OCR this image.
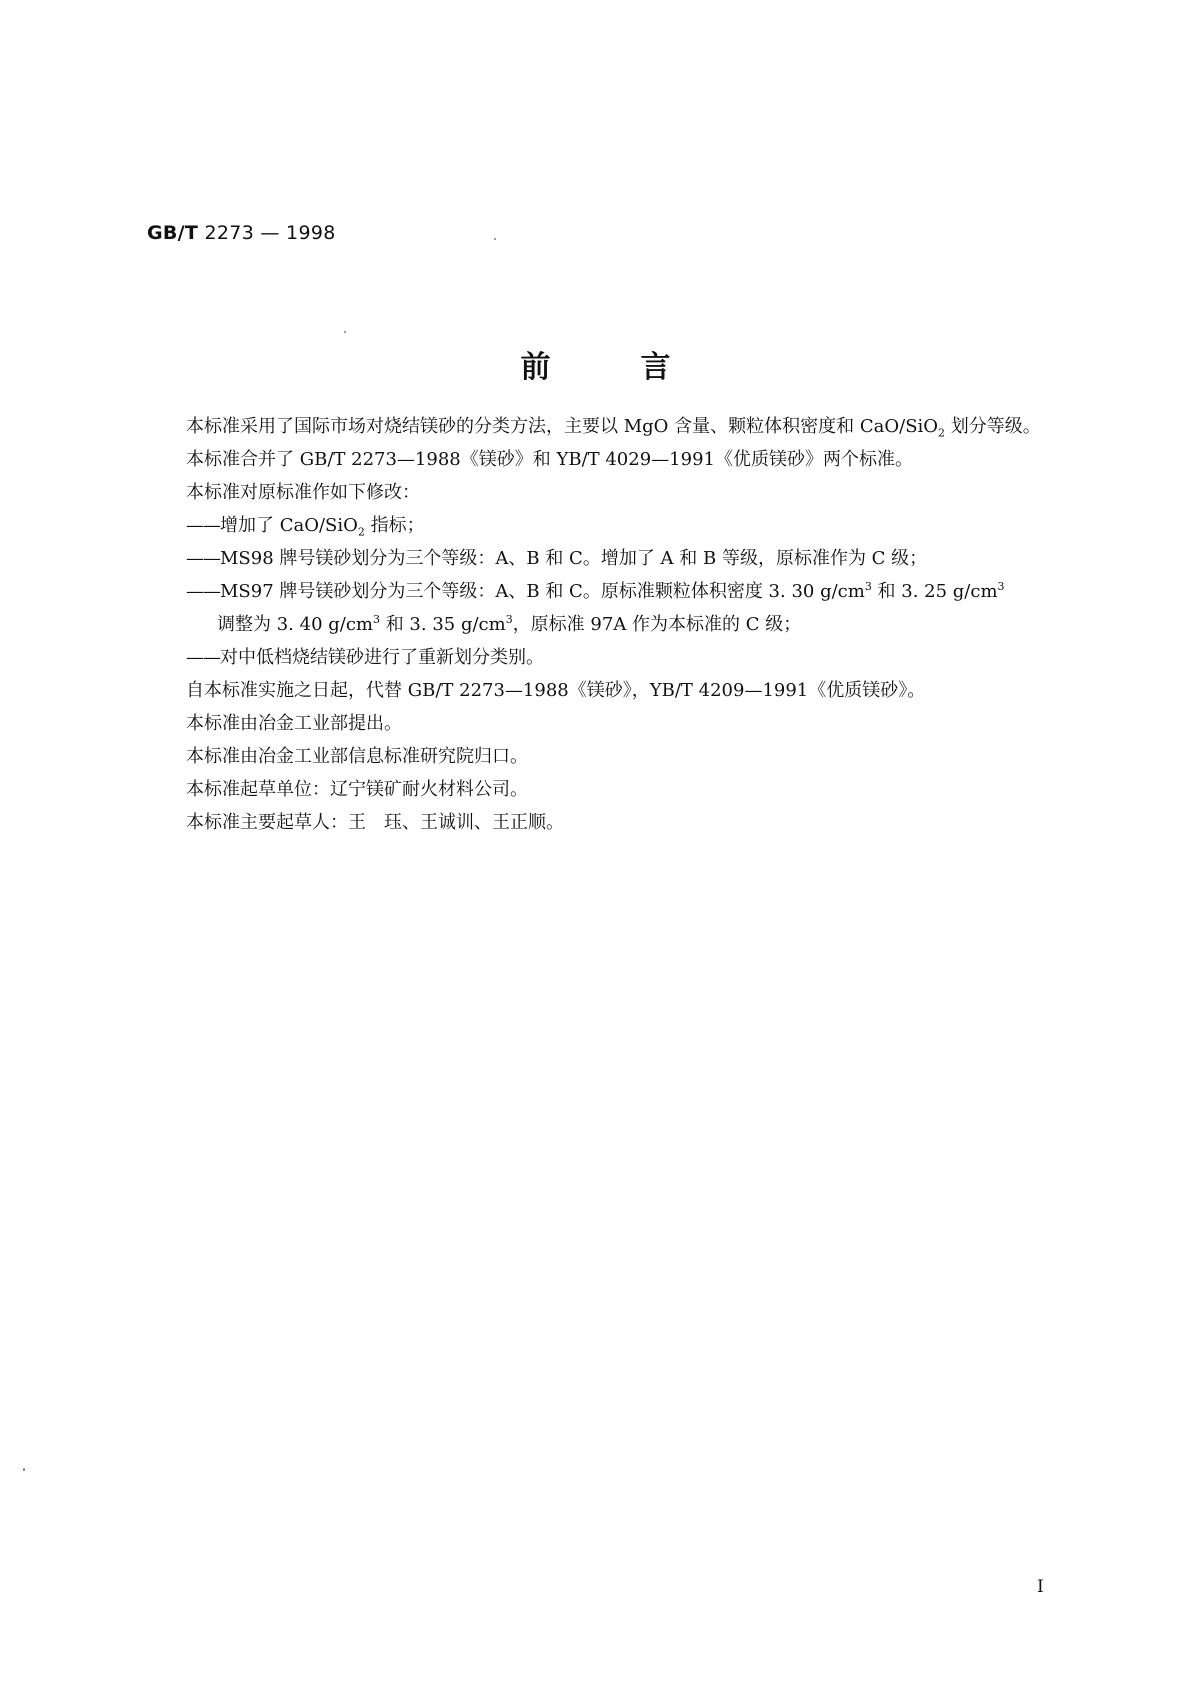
GB/T 2273 — 1998
前言

本标准采用了国际市场对烧结镁砂的分类方法，主要以 MgO 含量、颗粒体积密度和 CaO/SiO$_2$ 划分等级。

本标准合并了 GB/T 2273—1988《镁砂》和 YB/T 4029—1991《优质镁砂》两个标准。

本标准对原标准作如下修改：

——增加了 CaO/SiO$_2$ 指标；

——MS98 牌号镁砂划分为三个等级：A、B 和 C。增加了 A 和 B 等级，原标准作为 C 级；

——MS97 牌号镁砂划分为三个等级：A、B 和 C。原标准颗粒体积密度 3. 30 $g/cm^3$ 和 3. 25 $g/cm^3$

调整为 3. 40 $g/cm^3$ 和 3. 35 $g/cm^3$，原标准 97A 作为本标准的 C 级；

——对中低档烧结镁砂进行了重新划分类别。

自本标准实施之日起，代替 GB/T 2273—1988《镁砂》，YB/T 4209—1991《优质镁砂》。

本标准由冶金工业部提出。

本标准由冶金工业部信息标准研究院归口。

本标准起草单位：辽宁镁矿耐火材料公司。

本标准主要起草人：王　珏、王诚训、王正顺。

I
